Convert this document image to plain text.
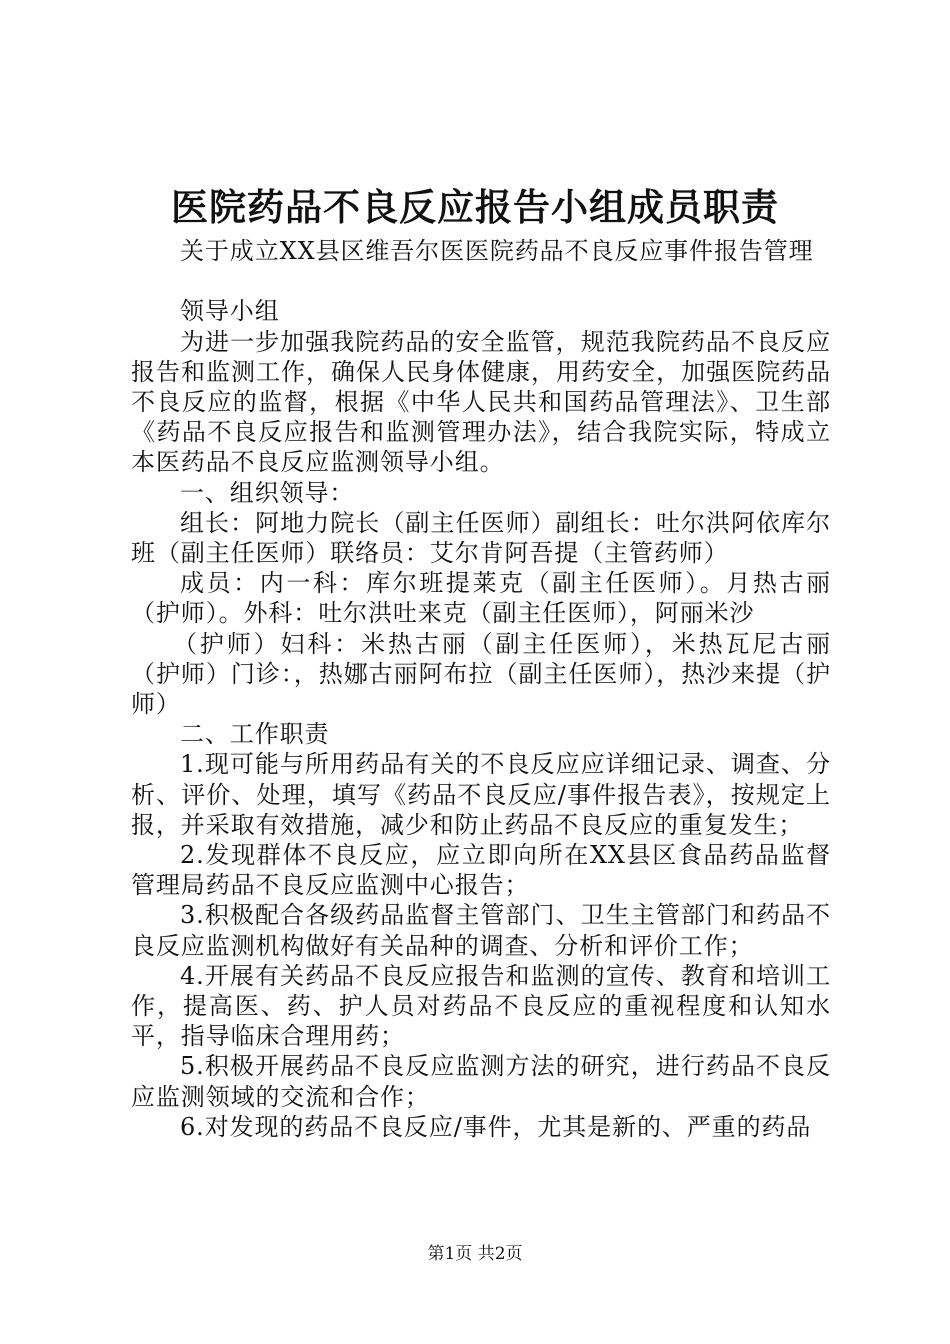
医院药品不良反应报告小组成员职责

关于成立XX县区维吾尔医医院药品不良反应事件报告管理

领导小组

为进一步加强我院药品的安全监管，规范我院药品不良反应报告和监测工作，确保人民身体健康，用药安全，加强医院药品不良反应的监督，根据《中华人民共和国药品管理法》、卫生部《药品不良反应报告和监测管理办法》，结合我院实际，特成立本医药品不良反应监测领导小组。

一、组织领导：

组长：阿地力院长（副主任医师）副组长：吐尔洪阿依库尔班（副主任医师）联络员：艾尔肯阿吾提（主管药师）

成员：内一科：库尔班提莱克（副主任医师）。月热古丽（护师）。外科：吐尔洪吐来克（副主任医师），阿丽米沙

（护师）妇科：米热古丽（副主任医师），米热瓦尼古丽（护师）门诊：，热娜古丽阿布拉（副主任医师），热沙来提（护师）

二、工作职责

1.现可能与所用药品有关的不良反应应详细记录、调查、分析、评价、处理，填写《药品不良反应/事件报告表》，按规定上报，并采取有效措施，减少和防止药品不良反应的重复发生；

2.发现群体不良反应，应立即向所在XX县区食品药品监督管理局药品不良反应监测中心报告；

3.积极配合各级药品监督主管部门、卫生主管部门和药品不良反应监测机构做好有关品种的调查、分析和评价工作；

4.开展有关药品不良反应报告和监测的宣传、教育和培训工作，提高医、药、护人员对药品不良反应的重视程度和认知水平，指导临床合理用药；

5.积极开展药品不良反应监测方法的研究，进行药品不良反应监测领域的交流和合作；

6.对发现的药品不良反应/事件，尤其是新的、严重的药品

第1页 共2页
